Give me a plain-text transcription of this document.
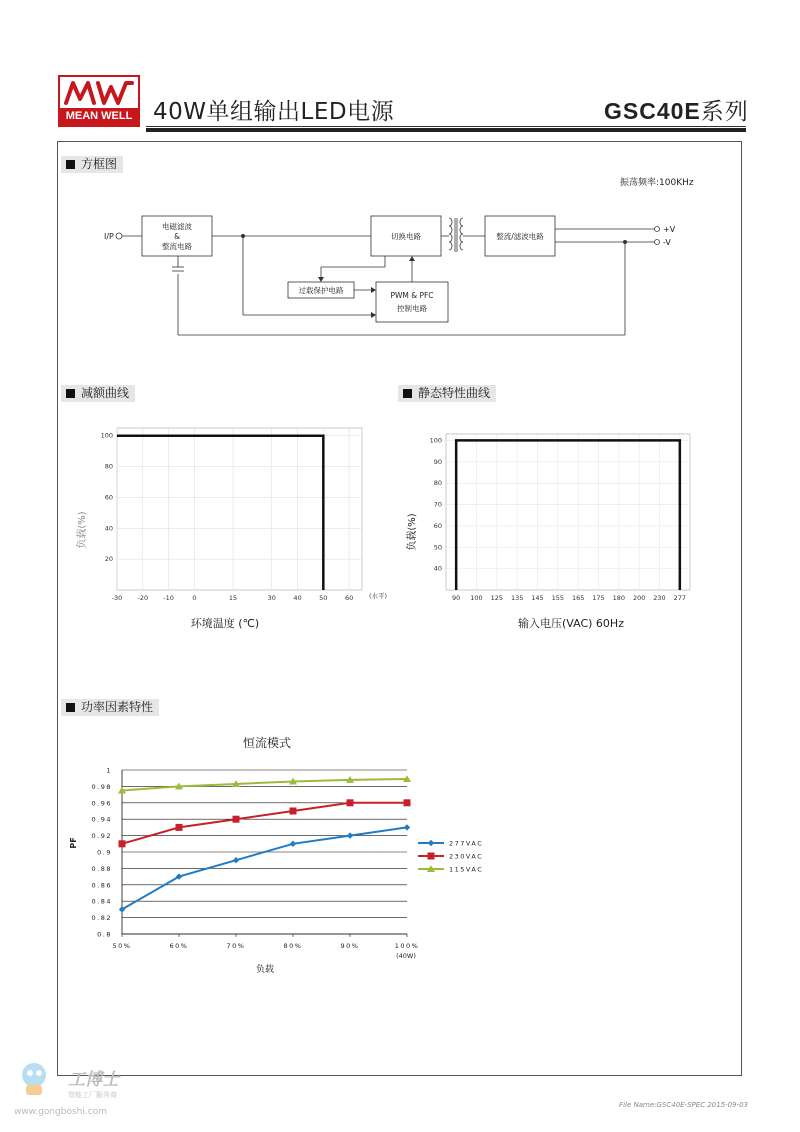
MEAN WELL 40W单组输出LED电源	GSC40E系列
方框图
振荡频率:100KHz
I/P
电磁滤波
&
整流电路
切换电路	整流/滤波电路
过载保护电路
PWM & PFC
控制电路
+V
-V
减额曲线
负载(%)
环境温度 (℃)
(水平)
-30 -20 -10	0	15	30	40	50	60
20
40
60
80
100
静态特性曲线
负载(%)
输入电压(VAC) 60Hz
90 100 125 135 145 155 165 175 180 200 230 277
40
50
60
70
80
90
100
功率因素特性
恒流模式
PF
负载
(40W)
0.8
0.82
0.84
0.86
0.88
0.9
0.92
0.94
0.96
0.98
1
50%	60%	70%	80%	90%	100%
277VAC
230VAC
115VAC
File Name:GSC40E-SPEC 2015-09-03
工博士
智能工厂服务商
www.gongboshi.com
